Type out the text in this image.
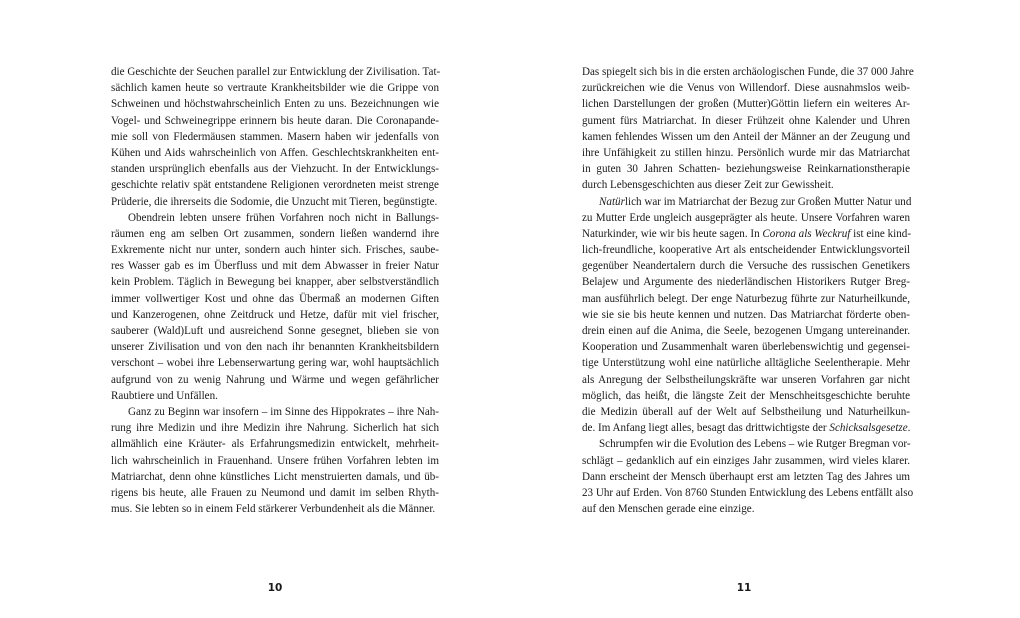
die Geschichte der Seuchen parallel zur Entwicklung der Zivilisation. Tat-
sächlich kamen heute so vertraute Krankheitsbilder wie die Grippe von
Schweinen und höchstwahrscheinlich Enten zu uns. Bezeichnungen wie
Vogel- und Schweinegrippe erinnern bis heute daran. Die Coronapande-
mie soll von Fledermäusen stammen. Masern haben wir jedenfalls von
Kühen und Aids wahrscheinlich von Affen. Geschlechtskrankheiten ent-
standen ursprünglich ebenfalls aus der Viehzucht. In der Entwicklungs-
geschichte relativ spät entstandene Religionen verordneten meist strenge
Prüderie, die ihrerseits die Sodomie, die Unzucht mit Tieren, begünstigte.
Obendrein lebten unsere frühen Vorfahren noch nicht in Ballungs-
räumen eng am selben Ort zusammen, sondern ließen wandernd ihre
Exkremente nicht nur unter, sondern auch hinter sich. Frisches, saube-
res Wasser gab es im Überfluss und mit dem Abwasser in freier Natur
kein Problem. Täglich in Bewegung bei knapper, aber selbstverständlich
immer vollwertiger Kost und ohne das Übermaß an modernen Giften
und Kanzerogenen, ohne Zeitdruck und Hetze, dafür mit viel frischer,
sauberer (Wald)Luft und ausreichend Sonne gesegnet, blieben sie von
unserer Zivilisation und von den nach ihr benannten Krankheitsbildern
verschont – wobei ihre Lebenserwartung gering war, wohl hauptsächlich
aufgrund von zu wenig Nahrung und Wärme und wegen gefährlicher
Raubtiere und Unfällen.
Ganz zu Beginn war insofern – im Sinne des Hippokrates – ihre Nah-
rung ihre Medizin und ihre Medizin ihre Nahrung. Sicherlich hat sich
allmählich eine Kräuter- als Erfahrungsmedizin entwickelt, mehrheit-
lich wahrscheinlich in Frauenhand. Unsere frühen Vorfahren lebten im
Matriarchat, denn ohne künstliches Licht menstruierten damals, und üb-
rigens bis heute, alle Frauen zu Neumond und damit im selben Rhyth-
mus. Sie lebten so in einem Feld stärkerer Verbundenheit als die Männer.
10
Das spiegelt sich bis in die ersten archäologischen Funde, die 37 000 Jahre
zurückreichen wie die Venus von Willendorf. Diese ausnahmslos weib-
lichen Darstellungen der großen (Mutter)Göttin liefern ein weiteres Ar-
gument fürs Matriarchat. In dieser Frühzeit ohne Kalender und Uhren
kamen fehlendes Wissen um den Anteil der Männer an der Zeugung und
ihre Unfähigkeit zu stillen hinzu. Persönlich wurde mir das Matriarchat
in guten 30 Jahren Schatten- beziehungsweise Reinkarnationstherapie
durch Lebensgeschichten aus dieser Zeit zur Gewissheit.
Natürlich war im Matriarchat der Bezug zur Großen Mutter Natur und
zu Mutter Erde ungleich ausgeprägter als heute. Unsere Vorfahren waren
Naturkinder, wie wir bis heute sagen. In Corona als Weckruf ist eine kind-
lich-freundliche, kooperative Art als entscheidender Entwicklungsvorteil
gegenüber Neandertalern durch die Versuche des russischen Genetikers
Belajew und Argumente des niederländischen Historikers Rutger Breg-
man ausführlich belegt. Der enge Naturbezug führte zur Naturheilkunde,
wie sie sie bis heute kennen und nutzen. Das Matriarchat förderte oben-
drein einen auf die Anima, die Seele, bezogenen Umgang untereinander.
Kooperation und Zusammenhalt waren überlebenswichtig und gegensei-
tige Unterstützung wohl eine natürliche alltägliche Seelentherapie. Mehr
als Anregung der Selbstheilungskräfte war unseren Vorfahren gar nicht
möglich, das heißt, die längste Zeit der Menschheitsgeschichte beruhte
die Medizin überall auf der Welt auf Selbstheilung und Naturheilkun-
de. Im Anfang liegt alles, besagt das drittwichtigste der Schicksalsgesetze.
Schrumpfen wir die Evolution des Lebens – wie Rutger Bregman vor-
schlägt – gedanklich auf ein einziges Jahr zusammen, wird vieles klarer.
Dann erscheint der Mensch überhaupt erst am letzten Tag des Jahres um
23 Uhr auf Erden. Von 8760 Stunden Entwicklung des Lebens entfällt also
auf den Menschen gerade eine einzige.
11
